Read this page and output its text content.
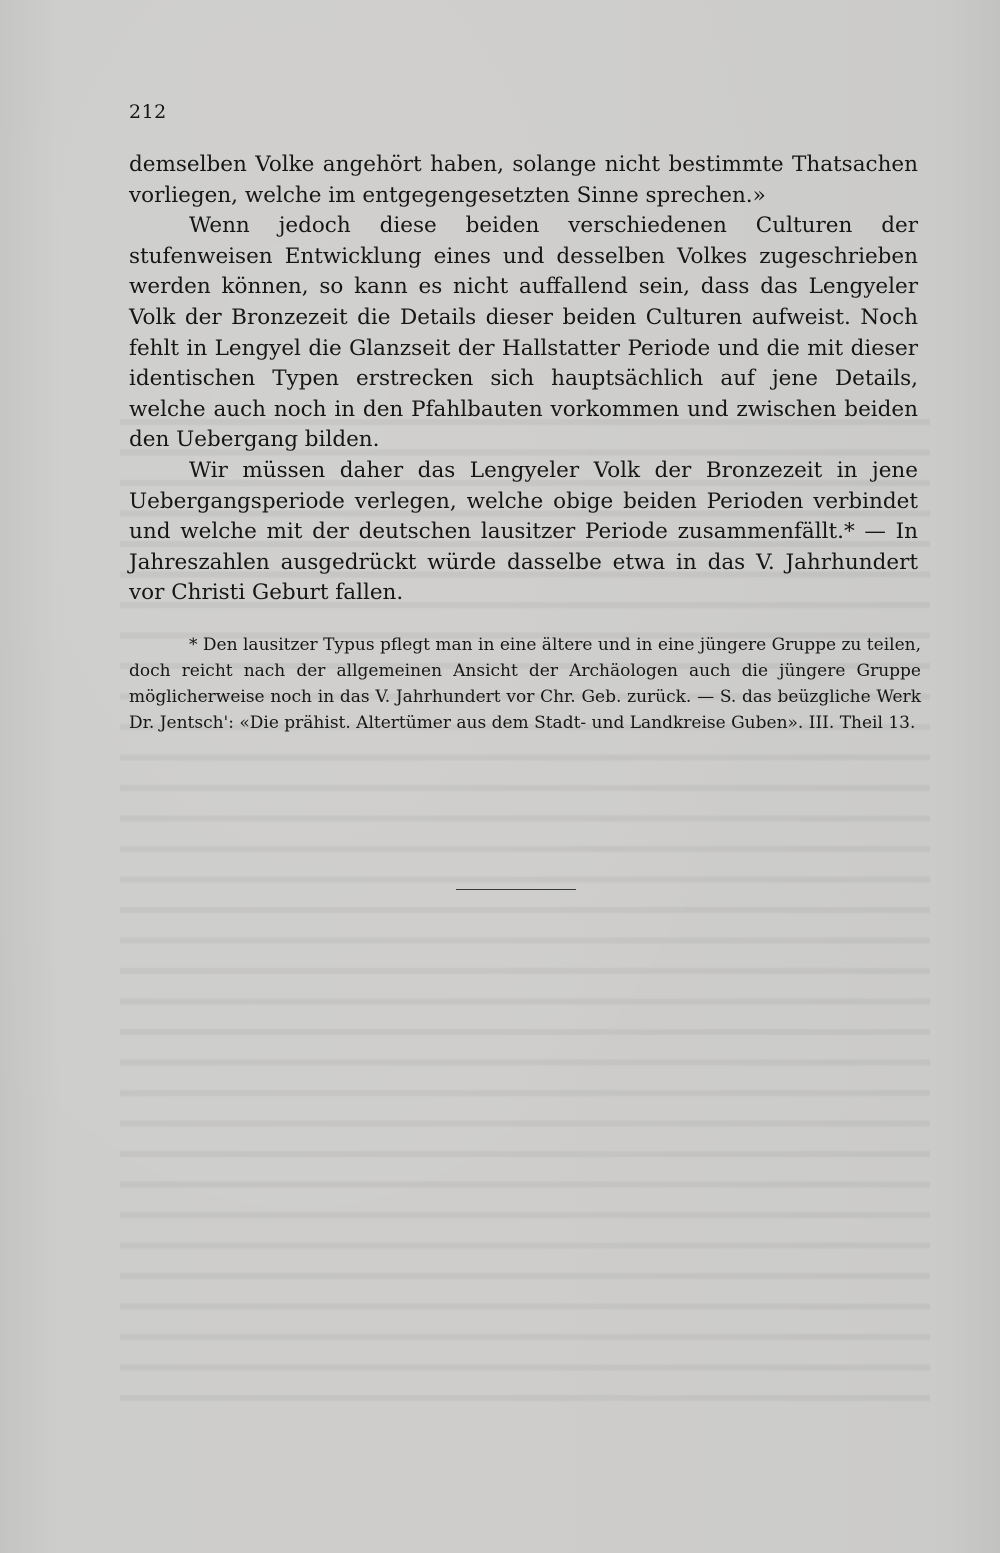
212

demselben Volke angehört haben, solange nicht bestimmte Thatsachen vorliegen, welche im entgegengesetzten Sinne sprechen.»

Wenn jedoch diese beiden verschiedenen Culturen der stufenweisen Entwicklung eines und desselben Volkes zugeschrieben werden können, so kann es nicht auffallend sein, dass das Lengyeler Volk der Bronzezeit die Details dieser beiden Culturen aufweist. Noch fehlt in Lengyel die Glanzseit der Hallstatter Periode und die mit dieser identischen Typen erstrecken sich hauptsächlich auf jene Details, welche auch noch in den Pfahlbauten vorkommen und zwischen beiden den Uebergang bilden.

Wir müssen daher das Lengyeler Volk der Bronzezeit in jene Uebergangsperiode verlegen, welche obige beiden Perioden verbindet und welche mit der deutschen lausitzer Periode zusammenfällt.* — In Jahreszahlen ausgedrückt würde dasselbe etwa in das V. Jahrhundert vor Christi Geburt fallen.

* Den lausitzer Typus pflegt man in eine ältere und in eine jüngere Gruppe zu teilen, doch reicht nach der allgemeinen Ansicht der Archäologen auch die jüngere Gruppe möglicherweise noch in das V. Jahrhundert vor Chr. Geb. zurück. — S. das beüzgliche Werk Dr. Jentsch': «Die prähist. Altertümer aus dem Stadt- und Landkreise Guben». III. Theil 13.
